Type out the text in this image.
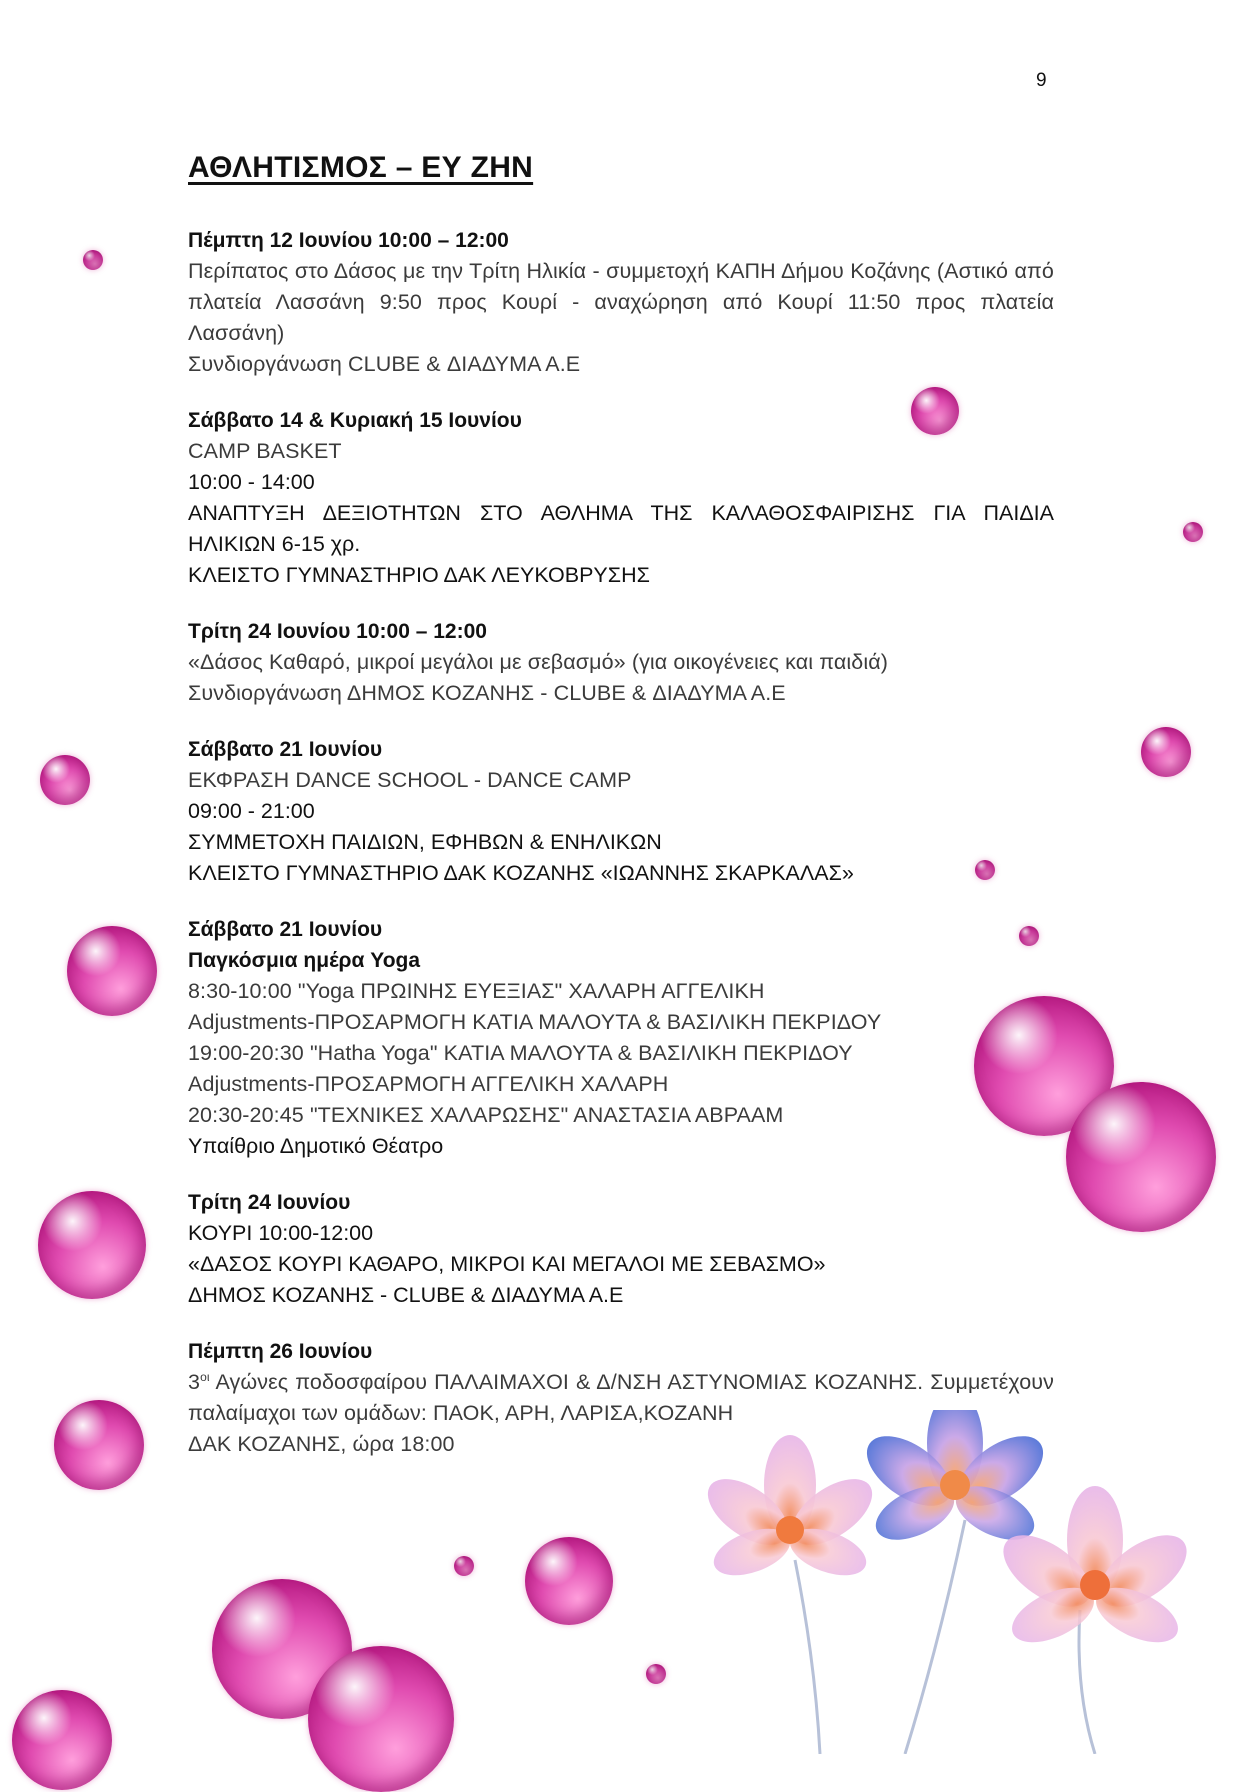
9
ΑΘΛΗΤΙΣΜΟΣ – ΕΥ ΖΗΝ
Πέμπτη 12 Ιουνίου 10:00 – 12:00
Περίπατος στο Δάσος με την Τρίτη Ηλικία - συμμετοχή ΚΑΠΗ Δήμου Κοζάνης (Αστικό από πλατεία Λασσάνη 9:50 προς Κουρί - αναχώρηση από Κουρί 11:50 προς πλατεία Λασσάνη)
Συνδιοργάνωση CLUBE & ΔΙΑΔΥΜΑ Α.Ε
Σάββατο 14 & Κυριακή 15 Ιουνίου
CAMP BASKET
10:00 - 14:00
ΑΝΑΠΤΥΞΗ ΔΕΞΙΟΤΗΤΩΝ ΣΤΟ ΑΘΛΗΜΑ ΤΗΣ ΚΑΛΑΘΟΣΦΑΙΡΙΣΗΣ ΓΙΑ ΠΑΙΔΙΑ ΗΛΙΚΙΩΝ 6-15 χρ.
ΚΛΕΙΣΤΟ ΓΥΜΝΑΣΤΗΡΙΟ ΔΑΚ ΛΕΥΚΟΒΡΥΣΗΣ
Τρίτη 24 Ιουνίου 10:00 – 12:00
«Δάσος Καθαρό, μικροί μεγάλοι με σεβασμό» (για οικογένειες και παιδιά)
Συνδιοργάνωση ΔΗΜΟΣ ΚΟΖΑΝΗΣ - CLUBE & ΔΙΑΔΥΜΑ Α.Ε
Σάββατο 21 Ιουνίου
ΕΚΦΡΑΣΗ DANCE SCHOOL - DANCE CAMP
09:00 - 21:00
ΣΥΜΜΕΤΟΧΗ ΠΑΙΔΙΩΝ, ΕΦΗΒΩΝ & ΕΝΗΛΙΚΩΝ
ΚΛΕΙΣΤΟ ΓΥΜΝΑΣΤΗΡΙΟ ΔΑΚ ΚΟΖΑΝΗΣ «ΙΩΑΝΝΗΣ ΣΚΑΡΚΑΛΑΣ»
Σάββατο 21 Ιουνίου
Παγκόσμια ημέρα Yoga
8:30-10:00 "Yoga ΠΡΩΙΝΗΣ ΕΥΕΞΙΑΣ" ΧΑΛΑΡΗ ΑΓΓΕΛΙΚΗ
Adjustments-ΠΡΟΣΑΡΜΟΓΗ ΚΑΤΙΑ ΜΑΛΟΥΤΑ & ΒΑΣΙΛΙΚΗ ΠΕΚΡΙΔΟΥ
19:00-20:30 "Hatha Yoga" ΚΑΤΙΑ ΜΑΛΟΥΤΑ & ΒΑΣΙΛΙΚΗ ΠΕΚΡΙΔΟΥ
Adjustments-ΠΡΟΣΑΡΜΟΓΗ ΑΓΓΕΛΙΚΗ ΧΑΛΑΡΗ
20:30-20:45 "ΤΕΧΝΙΚΕΣ ΧΑΛΑΡΩΣΗΣ" ΑΝΑΣΤΑΣΙΑ ΑΒΡΑΑΜ
Υπαίθριο Δημοτικό Θέατρο
Τρίτη 24 Ιουνίου
ΚΟΥΡΙ 10:00-12:00
«ΔΑΣΟΣ ΚΟΥΡΙ ΚΑΘΑΡΟ, ΜΙΚΡΟΙ ΚΑΙ ΜΕΓΑΛΟΙ ΜΕ ΣΕΒΑΣΜΟ»
ΔΗΜΟΣ ΚΟΖΑΝΗΣ - CLUBE & ΔΙΑΔΥΜΑ Α.Ε
Πέμπτη 26 Ιουνίου
$3^{o\iota}$ Αγώνες ποδοσφαίρου ΠΑΛΑΙΜΑΧΟΙ & Δ/ΝΣΗ ΑΣΤΥΝΟΜΙΑΣ ΚΟΖΑΝΗΣ. Συμμετέχουν παλαίμαχοι των ομάδων: ΠΑΟΚ, ΑΡΗ, ΛΑΡΙΣΑ,ΚΟΖΑΝΗ
ΔΑΚ ΚΟΖΑΝΗΣ, ώρα 18:00
